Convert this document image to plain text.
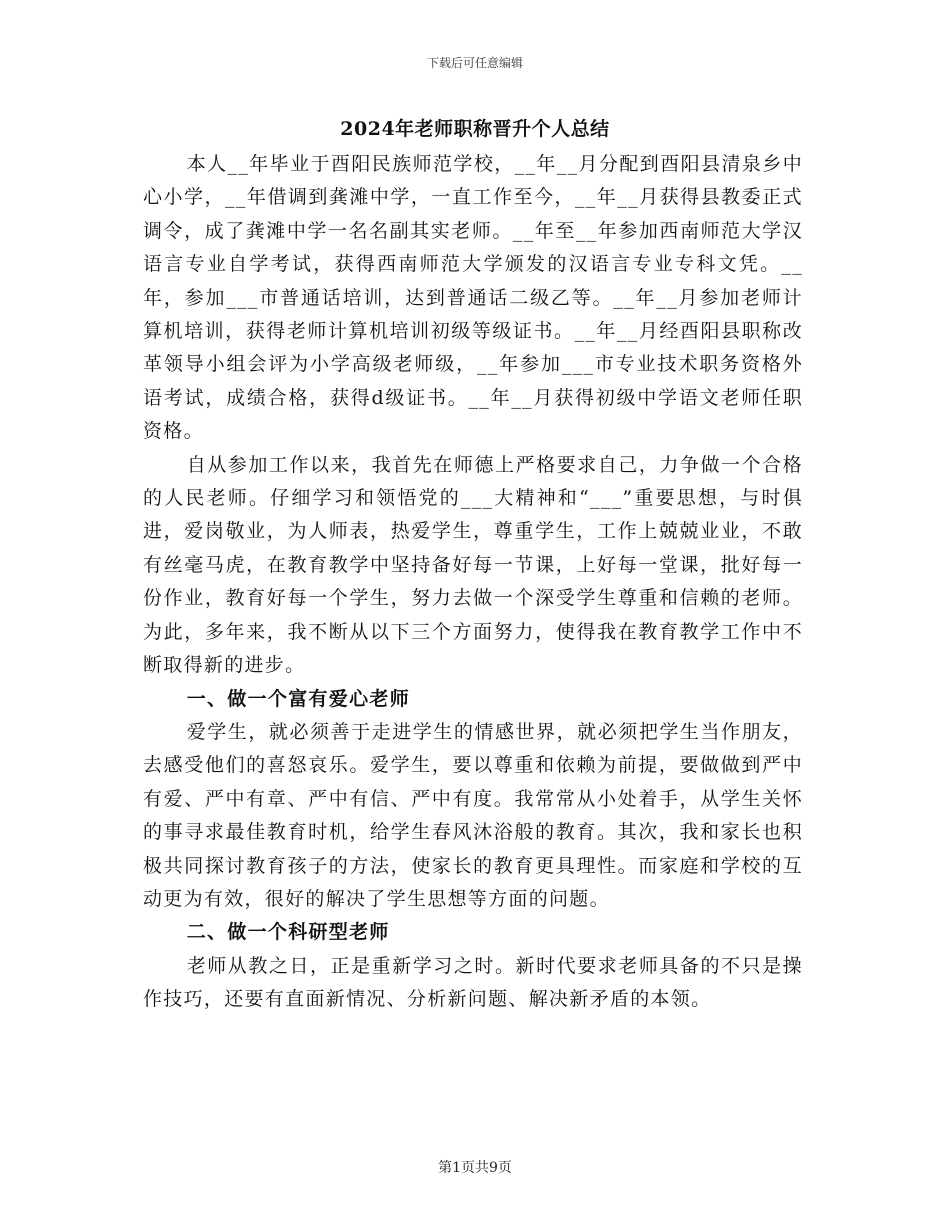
下载后可任意编辑
2024年老师职称晋升个人总结

本人__年毕业于酉阳民族师范学校，__年__月分配到酉阳县清泉乡中心小学，__年借调到龚滩中学，一直工作至今，__年__月获得县教委正式调令，成了龚滩中学一名名副其实老师。__年至__年参加西南师范大学汉语言专业自学考试，获得西南师范大学颁发的汉语言专业专科文凭。__年，参加___市普通话培训，达到普通话二级乙等。__年__月参加老师计算机培训，获得老师计算机培训初级等级证书。__年__月经酉阳县职称改革领导小组会评为小学高级老师级，__年参加___市专业技术职务资格外语考试，成绩合格，获得d级证书。__年__月获得初级中学语文老师任职资格。

自从参加工作以来，我首先在师德上严格要求自己，力争做一个合格的人民老师。仔细学习和领悟党的___大精神和“___”重要思想，与时俱进，爱岗敬业，为人师表，热爱学生，尊重学生，工作上兢兢业业，不敢有丝毫马虎，在教育教学中坚持备好每一节课，上好每一堂课，批好每一份作业，教育好每一个学生，努力去做一个深受学生尊重和信赖的老师。为此，多年来，我不断从以下三个方面努力，使得我在教育教学工作中不断取得新的进步。

一、做一个富有爱心老师

爱学生，就必须善于走进学生的情感世界，就必须把学生当作朋友，去感受他们的喜怒哀乐。爱学生，要以尊重和依赖为前提，要做做到严中有爱、严中有章、严中有信、严中有度。我常常从小处着手，从学生关怀的事寻求最佳教育时机，给学生春风沐浴般的教育。其次，我和家长也积极共同探讨教育孩子的方法，使家长的教育更具理性。而家庭和学校的互动更为有效，很好的解决了学生思想等方面的问题。

二、做一个科研型老师

老师从教之日，正是重新学习之时。新时代要求老师具备的不只是操作技巧，还要有直面新情况、分析新问题、解决新矛盾的本领。

第1页共9页
